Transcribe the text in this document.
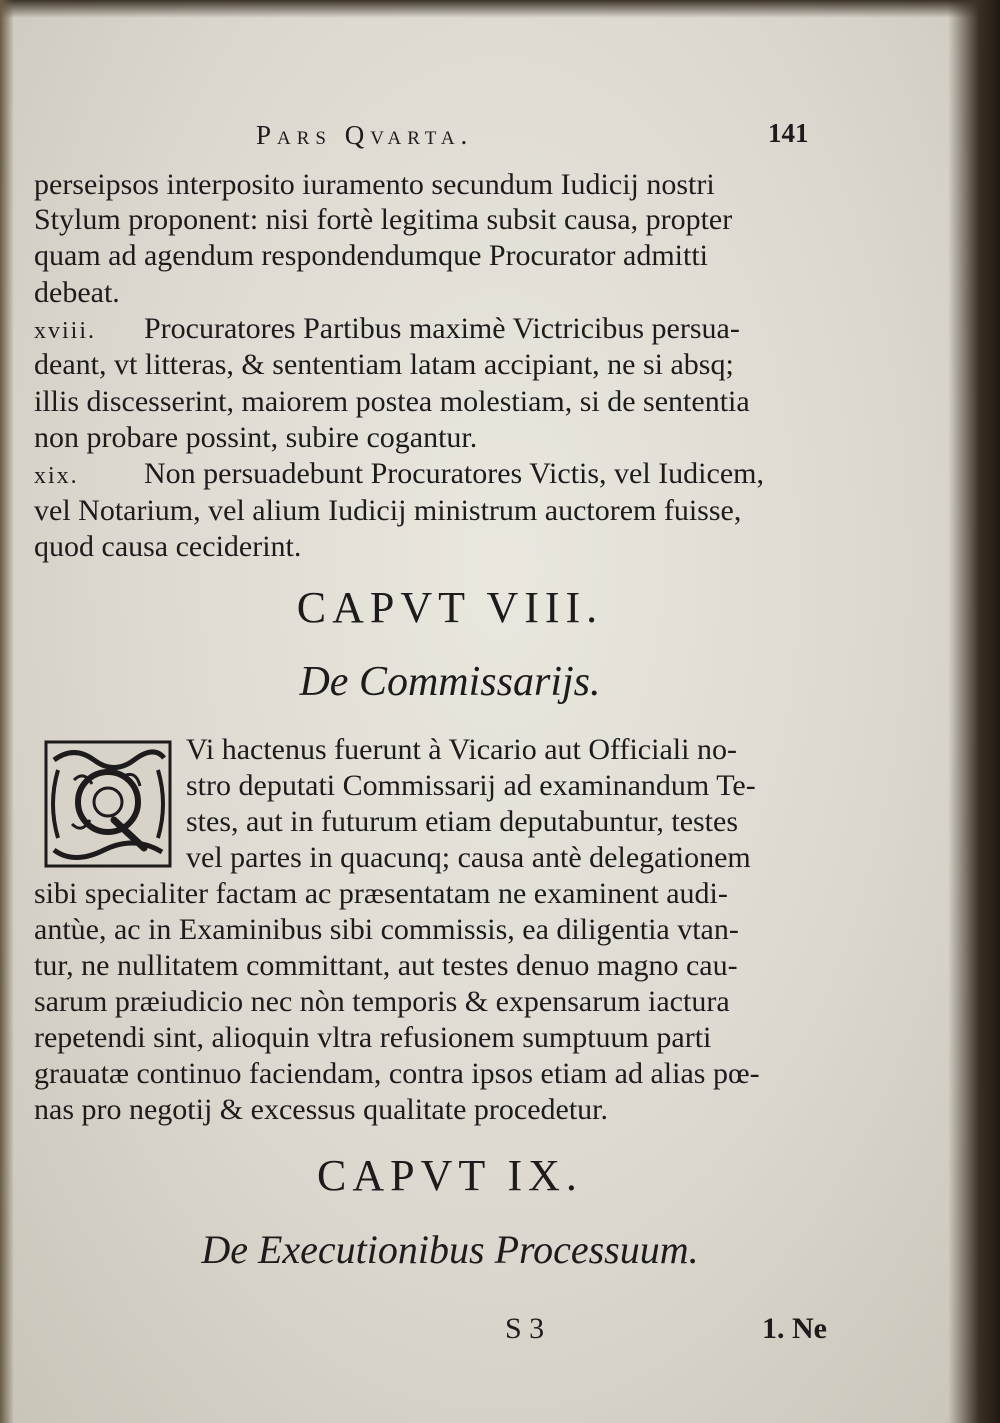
Pars Qvarta.	141
perseipsos interposito iuramento secundum Iudicij nostri
Stylum proponent: nisi fortè legitima subsit causa, propter
quam ad agendum respondendumque Procurator admitti
debeat.
xviii. Procuratores Partibus maximè Victricibus persua-
deant, vt litteras, & sententiam latam accipiant, ne si absq;
illis discesserint, maiorem postea molestiam, si de sententia
non probare possint, subire cogantur.
xix. Non persuadebunt Procuratores Victis, vel Iudicem,
vel Notarium, vel alium Iudicij ministrum auctorem fuisse,
quod causa ceciderint.
CAPVT VIII.
De Commissarijs.
Vi hactenus fuerunt à Vicario aut Officiali no-
stro deputati Commissarij ad examinandum Te-
stes, aut in futurum etiam deputabuntur, testes
vel partes in quacunq; causa antè delegationem
sibi specialiter factam ac præsentatam ne examinent audi-
antùe, ac in Examinibus sibi commissis, ea diligentia vtan-
tur, ne nullitatem committant, aut testes denuo magno cau-
sarum præiudicio nec nòn temporis & expensarum iactura
repetendi sint, alioquin vltra refusionem sumptuum parti
grauatæ continuo faciendam, contra ipsos etiam ad alias pœ-
nas pro negotij & excessus qualitate procedetur.
CAPVT IX.
De Executionibus Processuum.
S 3	1. Ne
